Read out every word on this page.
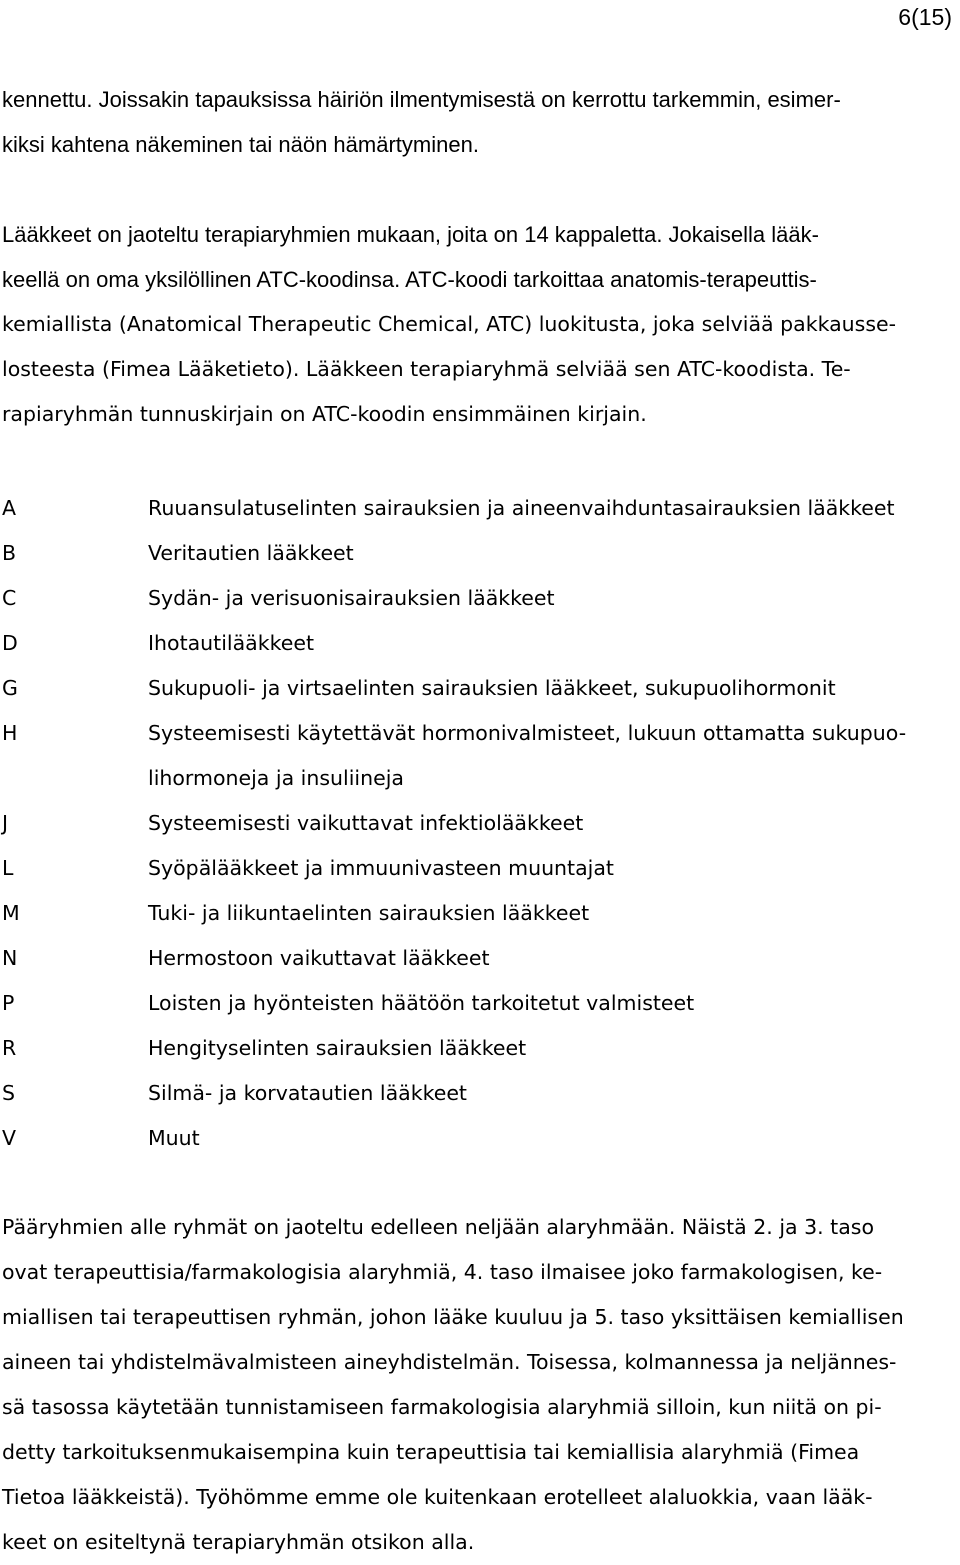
6(15)
kennettu. Joissakin tapauksissa häiriön ilmentymisestä on kerrottu tarkemmin, esimer-
kiksi kahtena näkeminen tai näön hämärtyminen.
Lääkkeet on jaoteltu terapiaryhmien mukaan, joita on 14 kappaletta. Jokaisella lääk-
keellä on oma yksilöllinen ATC-koodinsa. ATC-koodi tarkoittaa anatomis-terapeuttis-
kemiallista (Anatomical Therapeutic Chemical, ATC) luokitusta, joka selviää pakkausse-
losteesta (Fimea Lääketieto). Lääkkeen terapiaryhmä selviää sen ATC-koodista. Te-
rapiaryhmän tunnuskirjain on ATC-koodin ensimmäinen kirjain.
A	Ruuansulatuselinten sairauksien ja aineenvaihduntasairauksien lääkkeet
B	Veritautien lääkkeet
C	Sydän- ja verisuonisairauksien lääkkeet
D	Ihotautilääkkeet
G	Sukupuoli- ja virtsaelinten sairauksien lääkkeet, sukupuolihormonit
H	Systeemisesti käytettävät hormonivalmisteet, lukuun ottamatta sukupuo-
lihormoneja ja insuliineja
J	Systeemisesti vaikuttavat infektiolääkkeet
L	Syöpälääkkeet ja immuunivasteen muuntajat
M	Tuki- ja liikuntaelinten sairauksien lääkkeet
N	Hermostoon vaikuttavat lääkkeet
P	Loisten ja hyönteisten häätöön tarkoitetut valmisteet
R	Hengityselinten sairauksien lääkkeet
S	Silmä- ja korvatautien lääkkeet
V	Muut
Pääryhmien alle ryhmät on jaoteltu edelleen neljään alaryhmään. Näistä 2. ja 3. taso
ovat terapeuttisia/farmakologisia alaryhmiä, 4. taso ilmaisee joko farmakologisen, ke-
miallisen tai terapeuttisen ryhmän, johon lääke kuuluu ja 5. taso yksittäisen kemiallisen
aineen tai yhdistelmävalmisteen aineyhdistelmän. Toisessa, kolmannessa ja neljännes-
sä tasossa käytetään tunnistamiseen farmakologisia alaryhmiä silloin, kun niitä on pi-
detty tarkoituksenmukaisempina kuin terapeuttisia tai kemiallisia alaryhmiä (Fimea
Tietoa lääkkeistä). Työhömme emme ole kuitenkaan erotelleet alaluokkia, vaan lääk-
keet on esiteltynä terapiaryhmän otsikon alla.
